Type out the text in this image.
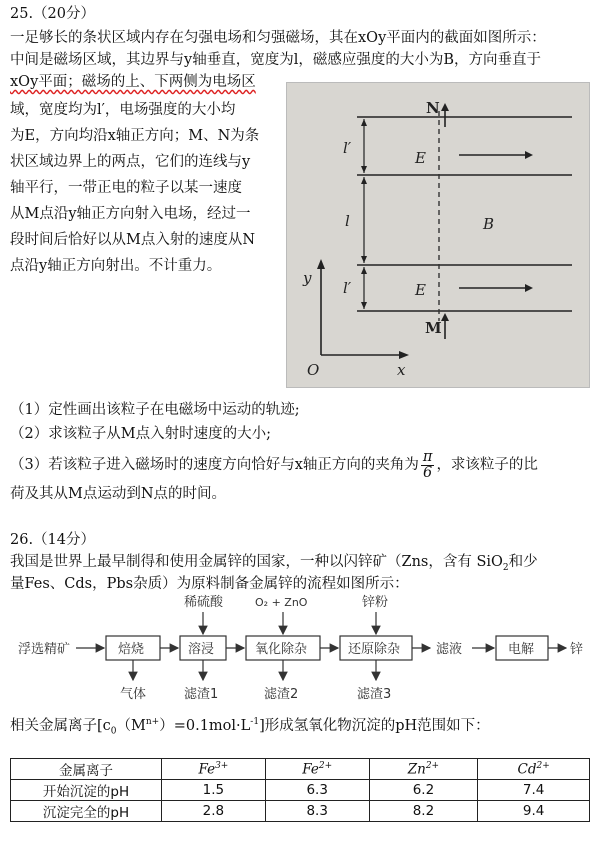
25.（20分）
一足够长的条状区域内存在匀强电场和匀强磁场，其在xOy平面内的截面如图所示：
中间是磁场区域，其边界与y轴垂直，宽度为l，磁感应强度的大小为B，方向垂直于
xOy平面；磁场的上、下两侧为电场区
域，宽度均为l′，电场强度的大小均
为E，方向均沿x轴正方向；M、N为条
状区域边界上的两点，它们的连线与y
轴平行，一带正电的粒子以某一速度
从M点沿y轴正方向射入电场，经过一
段时间后恰好以从M点入射的速度从N
点沿y轴正方向射出。不计重力。
N
M
E
E
B
l′
l
l′
y
x
O
（1）定性画出该粒子在电磁场中运动的轨迹;
（2）求该粒子从M点入射时速度的大小;
（3）若该粒子进入磁场时的速度方向恰好与x轴正方向的夹角为 $\frac{\pi}{6}$ ，求该粒子的比
荷及其从M点运动到N点的时间。
26.（14分）
我国是世界上最早制得和使用金属锌的国家，一种以闪锌矿（Zns，含有 SiO$_2$和少
量Fes、Cds，Pbs杂质）为原料制备金属锌的流程如图所示：
浮选精矿	焙烧	溶浸	氧化除杂	还原除杂	滤液	电解	锌
稀硫酸	O₂ + ZnO	锌粉
气体	滤渣1	滤渣2	滤渣3
相关金属离子$[c_0(M^{n+})=0.1mol\cdot L^{-1}]$形成氢氧化物沉淀的pH范围如下：
金属离子	$Fe^{3+}$	$Fe^{2+}$	$Zn^{2+}$	$Cd^{2+}$
开始沉淀的pH	1.5	6.3	6.2	7.4
沉淀完全的pH	2.8	8.3	8.2	9.4
